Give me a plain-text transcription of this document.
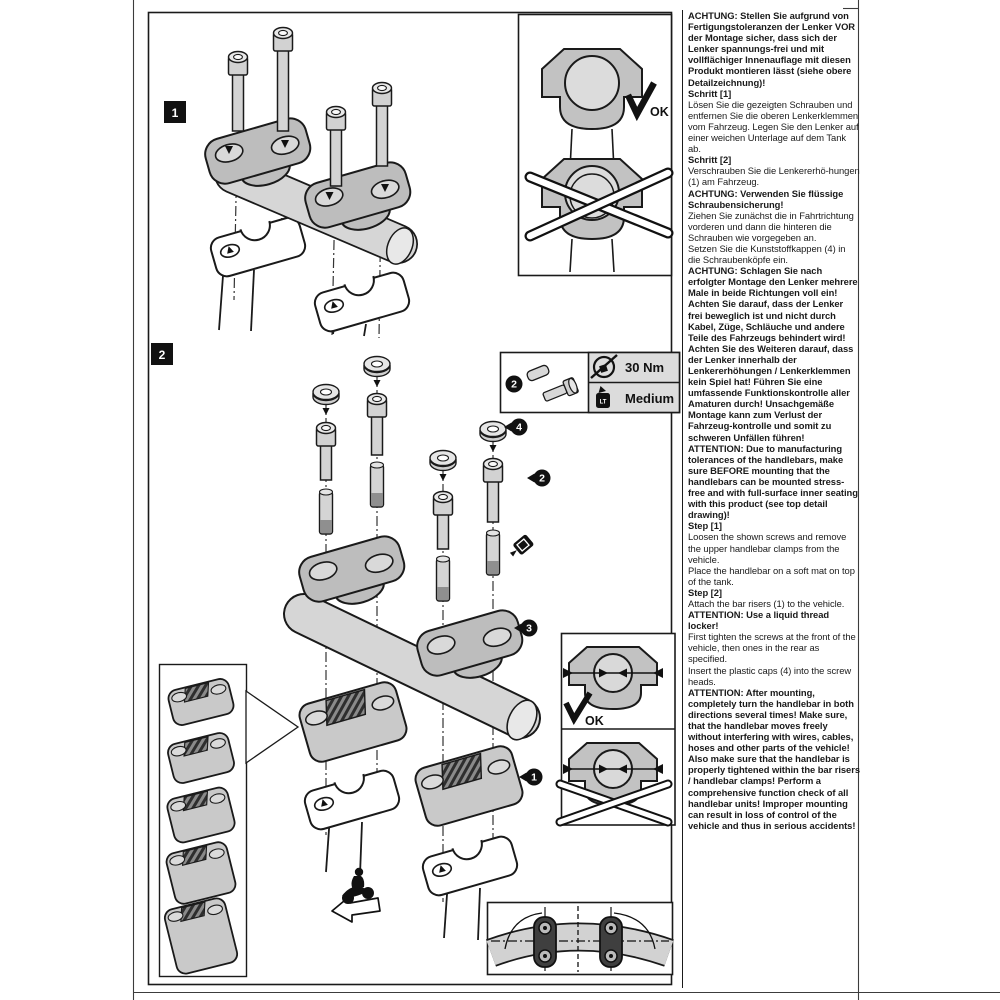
1	OK
4
2
3
1
2
2
30 Nm
LT Medium
OK

ACHTUNG: Stellen Sie aufgrund von Fertigungstoleranzen der Lenker VOR der Montage sicher, dass sich der Lenker spannungs-frei und mit vollflächiger Innenauflage mit diesen Produkt montieren lässt (siehe obere Detailzeichnung)!

Schritt [1]

Lösen Sie die gezeigten Schrauben und entfernen Sie die oberen Lenkerklemmen vom Fahrzeug. Legen Sie den Lenker auf einer weichen Unterlage auf dem Tank ab.

Schritt [2]

Verschrauben Sie die Lenkererhö-hungen (1) am Fahrzeug.

ACHTUNG: Verwenden Sie flüssige Schraubensicherung!

Ziehen Sie zunächst die in Fahrtrichtung vorderen und dann die hinteren die Schrauben wie vorgegeben an.

Setzen Sie die Kunststoffkappen (4) in die Schraubenköpfe ein.

ACHTUNG: Schlagen Sie nach erfolgter Montage den Lenker mehrere Male in beide Richtungen voll ein! Achten Sie darauf, dass der Lenker frei beweglich ist und nicht durch Kabel, Züge, Schläuche und andere Teile des Fahrzeugs behindert wird! Achten Sie des Weiteren darauf, dass der Lenker innerhalb der Lenkererhöhungen / Lenkerklemmen kein Spiel hat! Führen Sie eine umfassende Funktionskontrolle aller Amaturen durch! Unsachgemäße Montage kann zum Verlust der Fahrzeug-kontrolle und somit zu schweren Unfällen führen!

ATTENTION: Due to manufacturing tolerances of the handlebars, make sure BEFORE mounting that the handlebars can be mounted stress-free and with full-surface inner seating with this product (see top detail drawing)!

Step [1]

Loosen the shown screws and remove the upper handlebar clamps from the vehicle.

Place the handlebar on a soft mat on top of the tank.

Step [2]

Attach the bar risers (1) to the vehicle.

ATTENTION: Use a liquid thread locker!

First tighten the screws at the front of the vehicle, then ones in the rear as specified.

Insert the plastic caps (4) into the screw heads.

ATTENTION: After mounting, completely turn the handlebar in both directions several times! Make sure, that the handlebar moves freely without interfering with wires, cables, hoses and other parts of the vehicle! Also make sure that the handlebar is properly tightened within the bar risers / handlebar clamps! Perform a comprehensive function check of all handlebar units! Improper mounting can result in loss of control of the vehicle and thus in serious accidents!
